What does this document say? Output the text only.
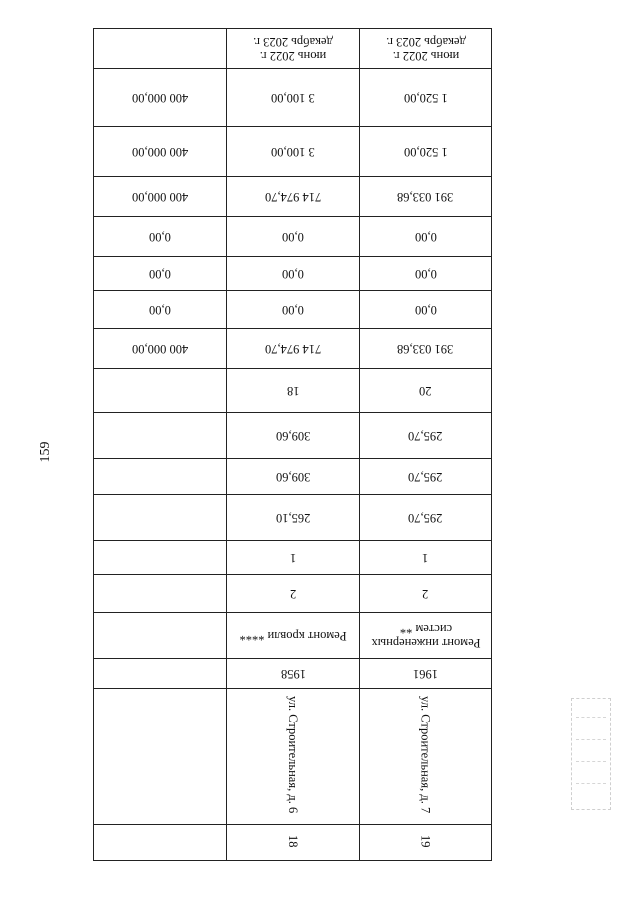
159
	июнь 2022 г. декабрь 2023 г.	июнь 2022 г. декабрь 2023 г.
400 000,00	3 100,00	1 520,00
400 000,00	3 100,00	1 520,00
400 000,00	714 974,70	391 033,68
0,00	0,00	0,00
0,00	0,00	0,00
0,00	0,00	0,00
400 000,00	714 974,70	391 033,68
	18	20
	309,60	295,70
	309,60	295,70
	265,10	295,70
	1	1
	2	2
	Ремонт кровли ****	Ремонт инженерных систем **
	1958	1961
	ул. Строительная, д. 6	ул. Строительная, д. 7
	18	19
